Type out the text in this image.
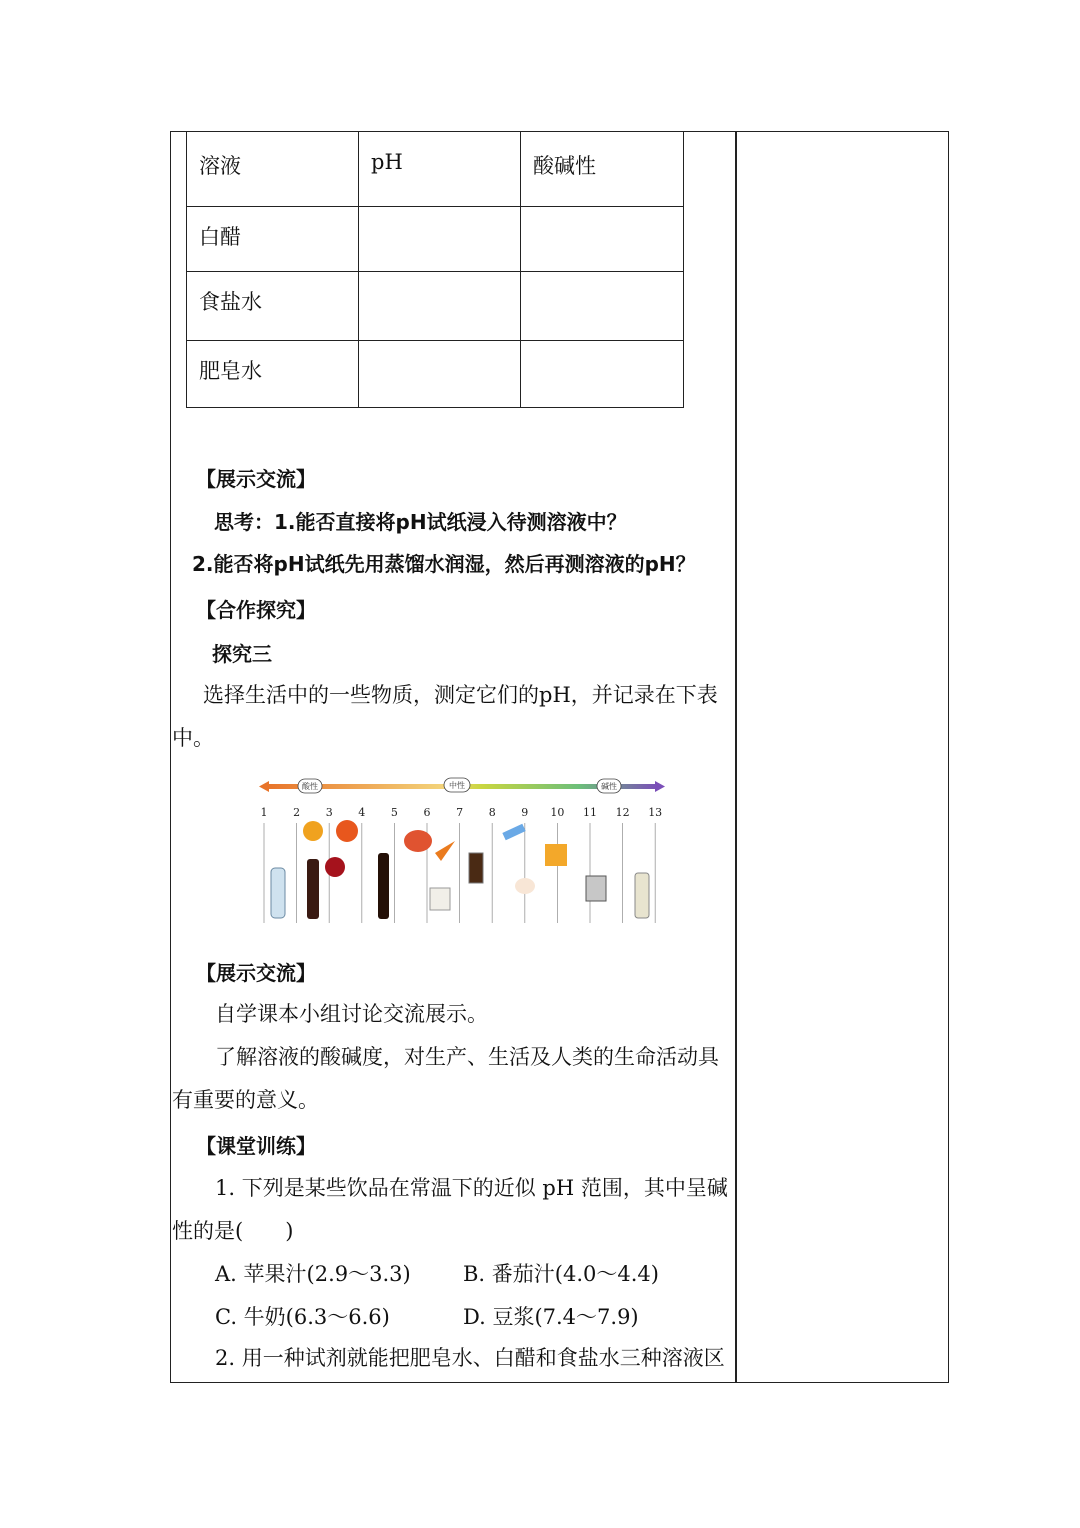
溶液	pH	酸碱性
白醋		
食盐水		
肥皂水		
【展示交流】
思考：1.能否直接将pH试纸浸入待测溶液中？
2.能否将pH试纸先用蒸馏水润湿，然后再测溶液的pH？
【合作探究】
探究三
选择生活中的一些物质，测定它们的pH，并记录在下表
中。
酸性	中性	碱性
1 2 3 4 5 6 7 8 9 10 11 12 13
【展示交流】
自学课本小组讨论交流展示。
了解溶液的酸碱度，对生产、生活及人类的生命活动具
有重要的意义。
【课堂训练】
1. 下列是某些饮品在常温下的近似 pH 范围，其中呈碱
性的是(　　)
A. 苹果汁(2.9～3.3) B. 番茄汁(4.0～4.4)
C. 牛奶(6.3～6.6)	D. 豆浆(7.4～7.9)
2. 用一种试剂就能把肥皂水、白醋和食盐水三种溶液区
